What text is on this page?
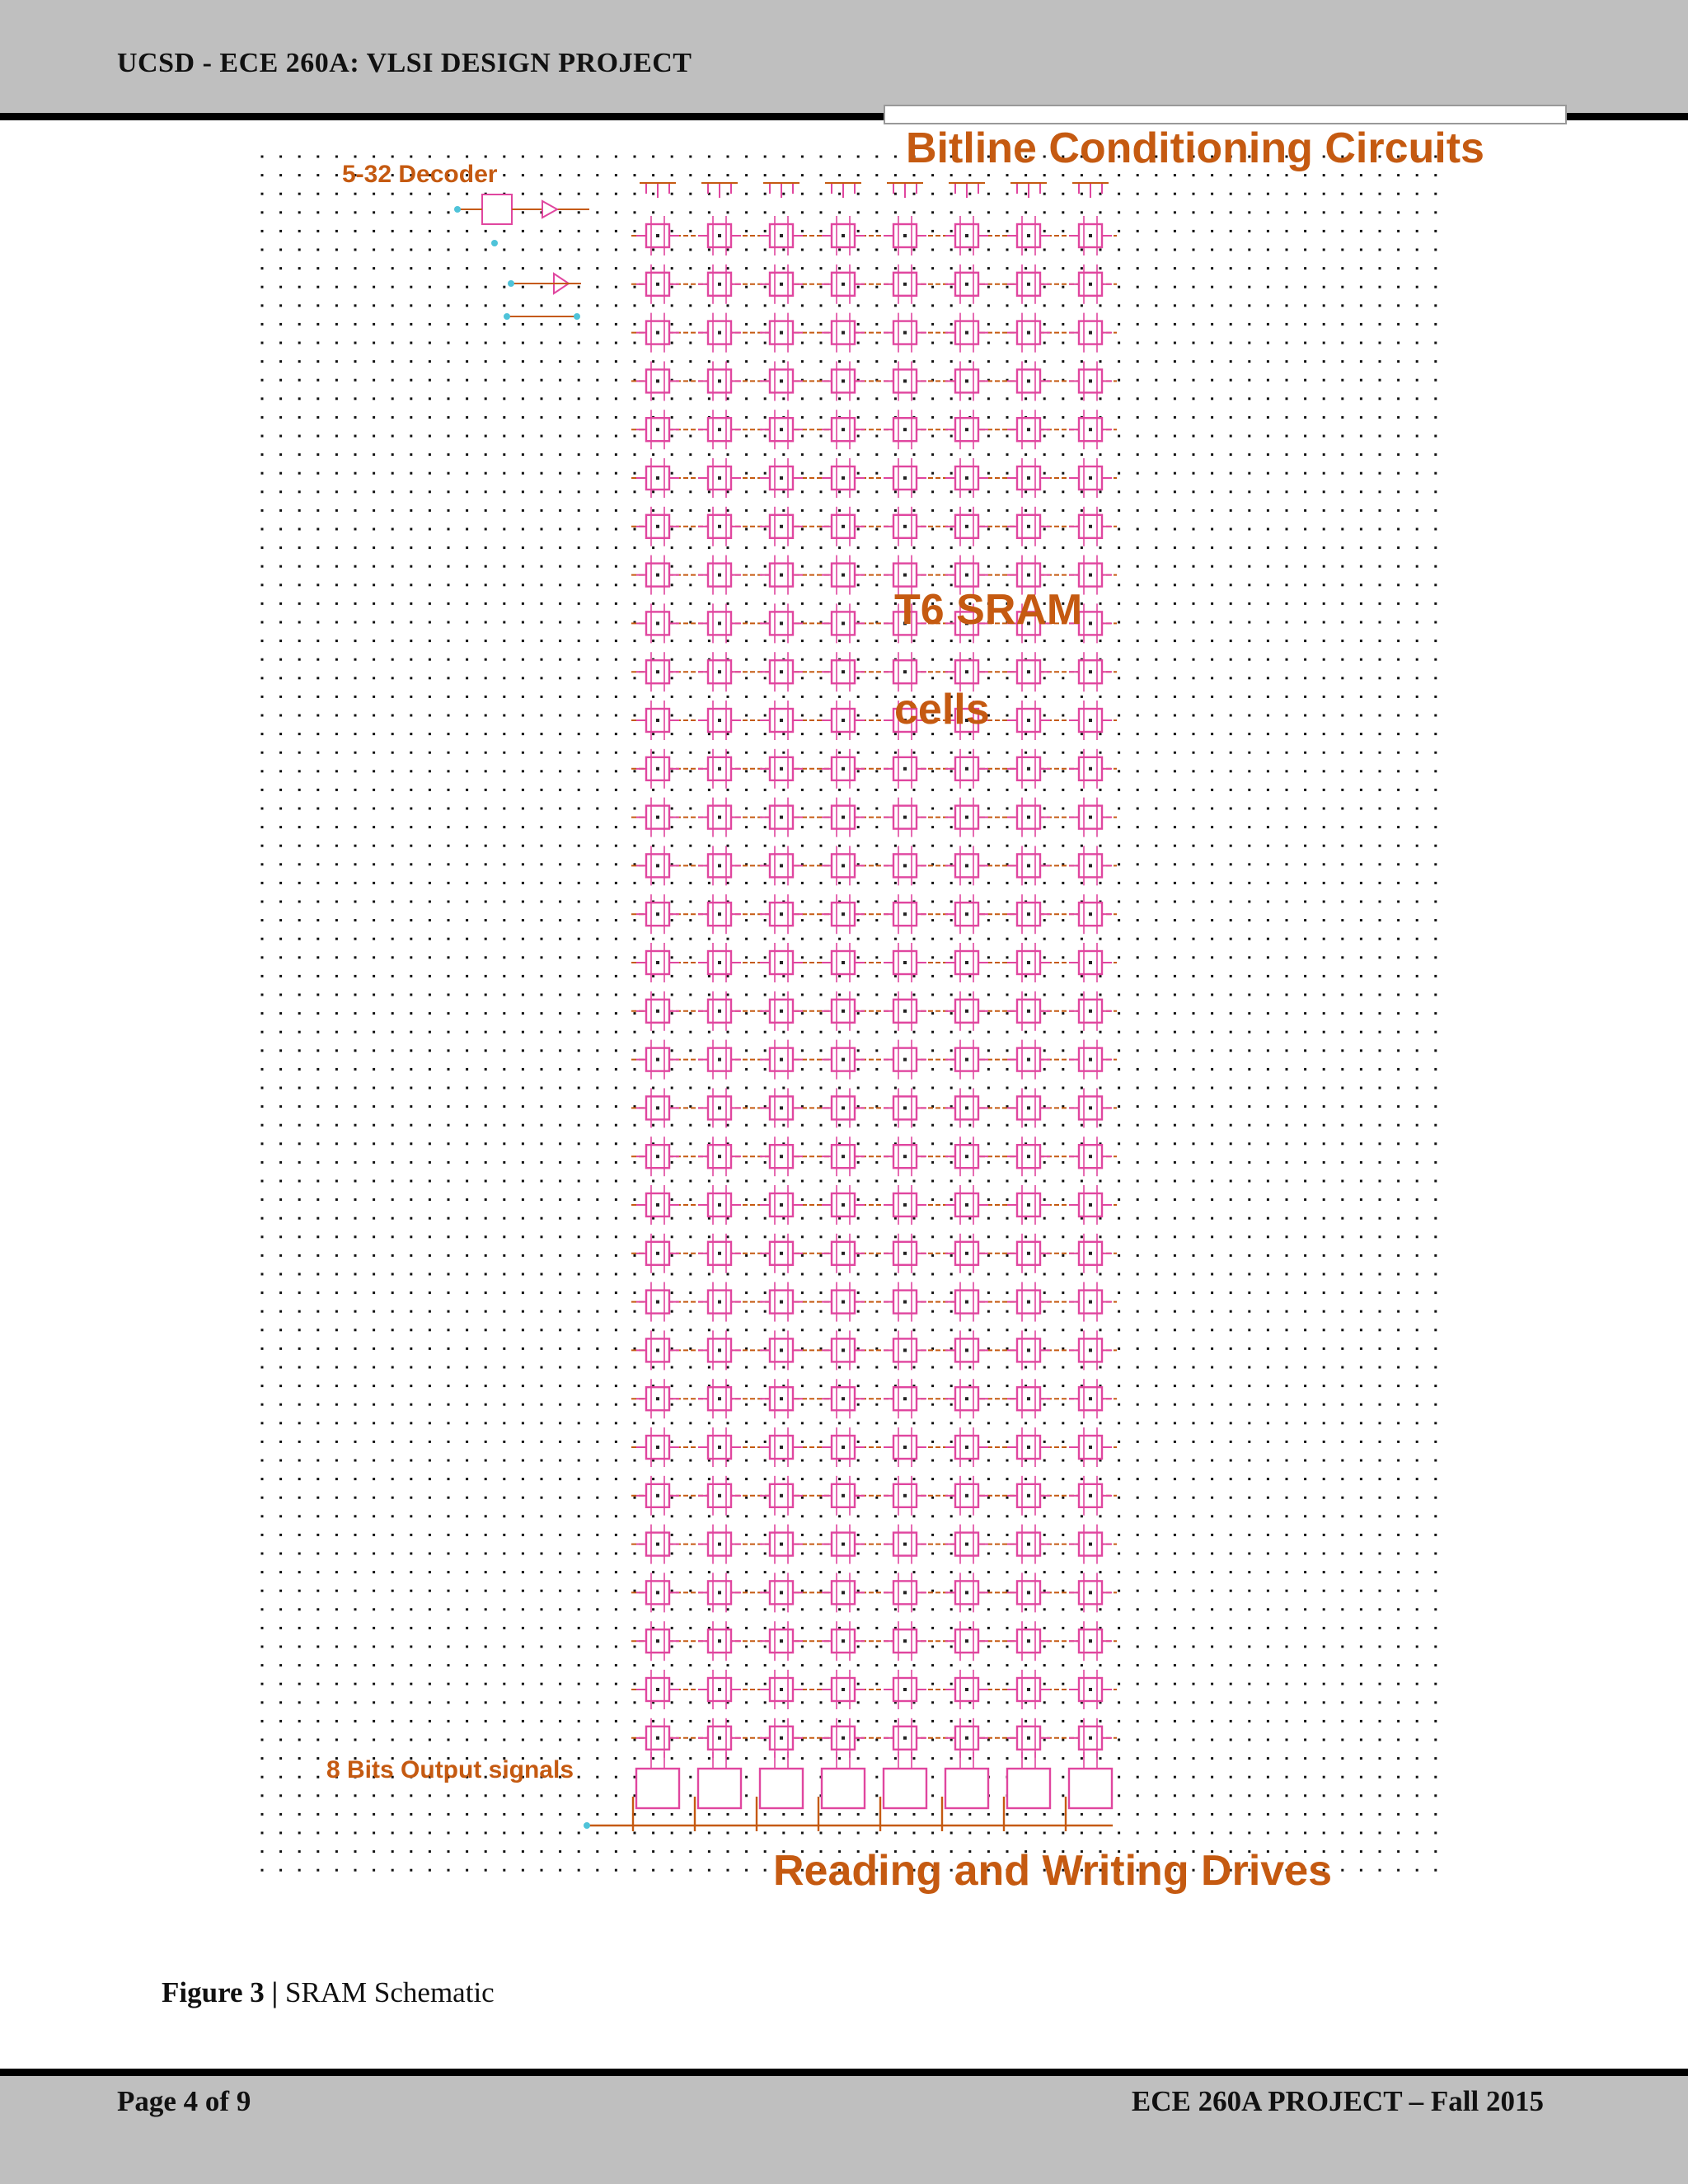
UCSD - ECE 260A: VLSI DESIGN PROJECT
5-32 Decoder
Bitline Conditioning Circuits
T6 SRAM
cells
8 Bits Output signals
Reading and Writing Drives
Figure 3 | SRAM Schematic
Page 4 of 9	ECE 260A PROJECT – Fall 2015
